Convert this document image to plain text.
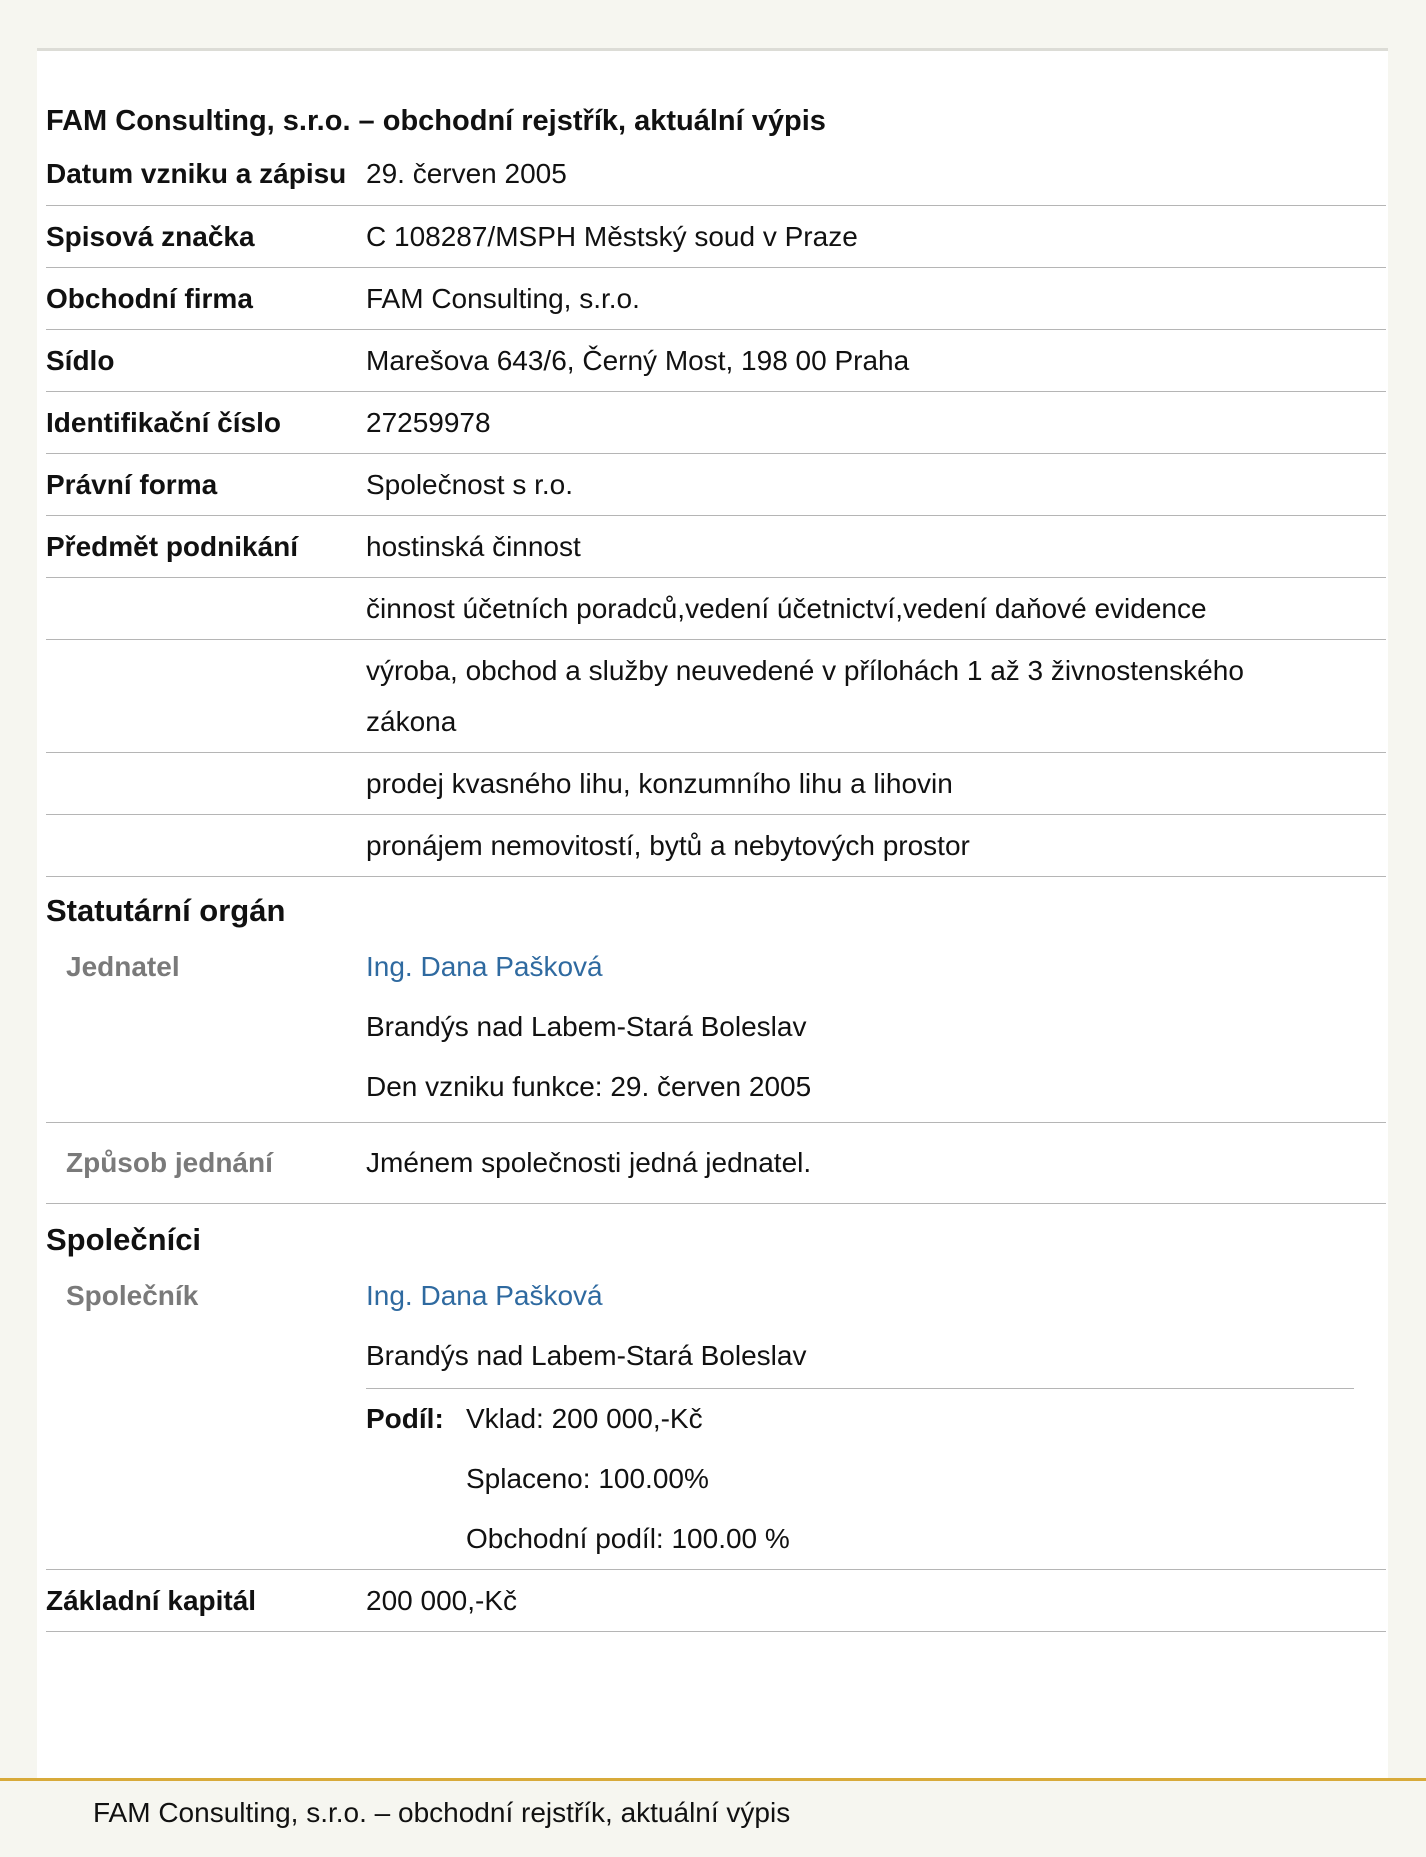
FAM Consulting, s.r.o. – obchodní rejstřík, aktuální výpis
Datum vzniku a zápisu	29. červen 2005
Spisová značka	C 108287/MSPH Městský soud v Praze
Obchodní firma	FAM Consulting, s.r.o.
Sídlo	Marešova 643/6, Černý Most, 198 00 Praha
Identifikační číslo	27259978
Právní forma	Společnost s r.o.
Předmět podnikání	hostinská činnost
	činnost účetních poradců,vedení účetnictví,vedení daňové evidence
	výroba, obchod a služby neuvedené v přílohách 1 až 3 živnostenského zákona
	prodej kvasného lihu, konzumního lihu a lihovin
	pronájem nemovitostí, bytů a nebytových prostor
Statutární orgán
Jednatel	Ing. Dana Pašková
Brandýs nad Labem-Stará Boleslav
Den vzniku funkce: 29. červen 2005

Způsob jednání	Jménem společnosti jedná jednatel.
Společníci
Společník	Ing. Dana Pašková
Brandýs nad Labem-Stará Boleslav
Podíl:	Vklad: 200 000,-Kč
	Splaceno: 100.00%
	Obchodní podíl: 100.00 %

Základní kapitál	200 000,-Kč
FAM Consulting, s.r.o. – obchodní rejstřík, aktuální výpis
